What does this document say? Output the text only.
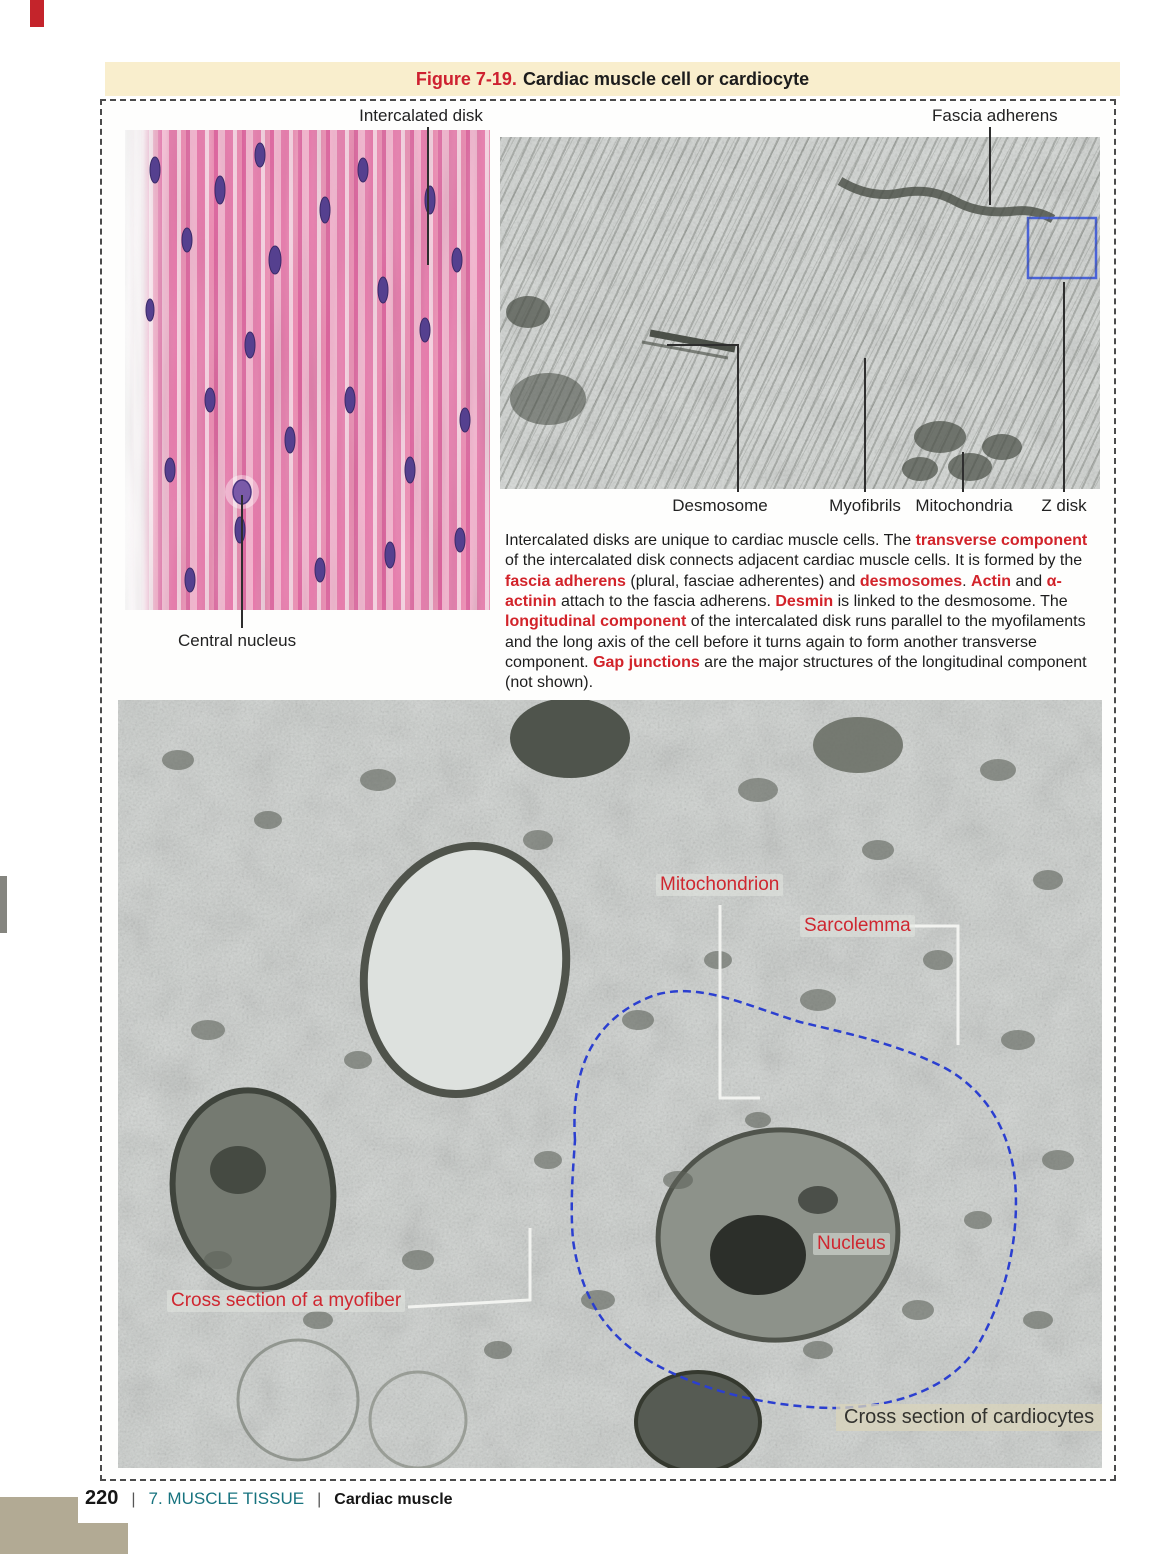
Figure 7-19. Cardiac muscle cell or cardiocyte
Intercalated disk	Fascia adherens
Desmosome	Myofibrils Mitochondria	Z disk
Central nucleus
Intercalated disks are unique to cardiac muscle cells. The transverse component of the intercalated disk connects adjacent cardiac muscle cells. It is formed by the fascia adherens (plural, fasciae adherentes) and desmosomes. Actin and α-actinin attach to the fascia adherens. Desmin is linked to the desmosome. The longitudinal component of the intercalated disk runs parallel to the myofilaments and the long axis of the cell before it turns again to form another transverse component. Gap junctions are the major structures of the longitudinal component (not shown).
Mitochondrion
Sarcolemma
Nucleus
Cross section of a myofiber
Cross section of cardiocytes
220 | 7. MUSCLE TISSUE | Cardiac muscle
